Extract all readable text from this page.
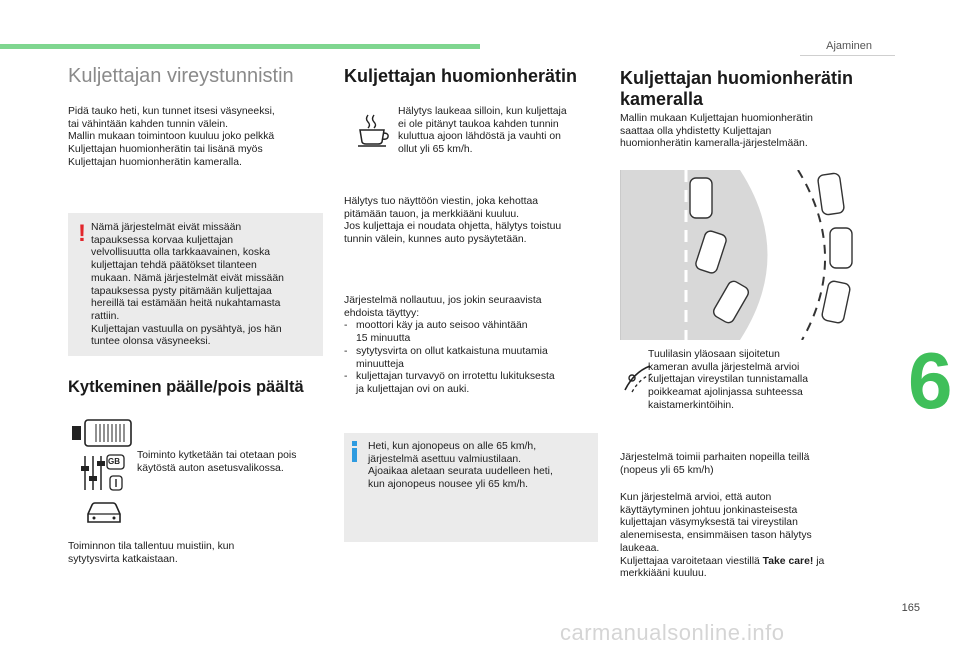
Ajaminen
6
165
carmanualsonline.info
Kuljettajan vireystunnistin
Pidä tauko heti, kun tunnet itsesi väsyneeksi,
tai vähintään kahden tunnin välein.
Mallin mukaan toimintoon kuuluu joko pelkkä
Kuljettajan huomionherätin tai lisänä myös
Kuljettajan huomionherätin kameralla.
! Nämä järjestelmät eivät missään
tapauksessa korvaa kuljettajan
velvollisuutta olla tarkkaavainen, koska
kuljettajan tehdä päätökset tilanteen
mukaan. Nämä järjestelmät eivät missään
tapauksessa pysty pitämään kuljettajaa
hereillä tai estämään heitä nukahtamasta
rattiin.
Kuljettajan vastuulla on pysähtyä, jos hän
tuntee olonsa väsyneeksi.
Kytkeminen päälle/pois päältä
GB
Toiminto kytketään tai otetaan pois
käytöstä auton asetusvalikossa.
Toiminnon tila tallentuu muistiin, kun
sytytysvirta katkaistaan.
Kuljettajan huomionherätin
Hälytys laukeaa silloin, kun kuljettaja
ei ole pitänyt taukoa kahden tunnin
kuluttua ajoon lähdöstä ja vauhti on
ollut yli 65 km/h.
Hälytys tuo näyttöön viestin, joka kehottaa
pitämään tauon, ja merkkiääni kuuluu.
Jos kuljettaja ei noudata ohjetta, hälytys toistuu
tunnin välein, kunnes auto pysäytetään.
Järjestelmä nollautuu, jos jokin seuraavista
ehdoista täyttyy:
- moottori käy ja auto seisoo vähintään
15 minuutta
- sytytysvirta on ollut katkaistuna muutamia
minuutteja
- kuljettajan turvavyö on irrotettu lukituksesta
ja kuljettajan ovi on auki.
Heti, kun ajonopeus on alle 65 km/h,
järjestelmä asettuu valmiustilaan.
Ajoaikaa aletaan seurata uudelleen heti,
kun ajonopeus nousee yli 65 km/h.
Kuljettajan huomionherätin
kameralla
Mallin mukaan Kuljettajan huomionherätin
saattaa olla yhdistetty Kuljettajan
huomionherätin kameralla-järjestelmään.
Tuulilasin yläosaan sijoitetun
kameran avulla järjestelmä arvioi
kuljettajan vireystilan tunnistamalla
poikkeamat ajolinjassa suhteessa
kaistamerkintöihin.
Järjestelmä toimii parhaiten nopeilla teillä
(nopeus yli 65 km/h)
Kun järjestelmä arvioi, että auton
käyttäytyminen johtuu jonkinasteisesta
kuljettajan väsymyksestä tai vireystilan
alenemisesta, ensimmäisen tason hälytys
laukeaa.
Kuljettajaa varoitetaan viestillä Take care! ja
merkkiääni kuuluu.
